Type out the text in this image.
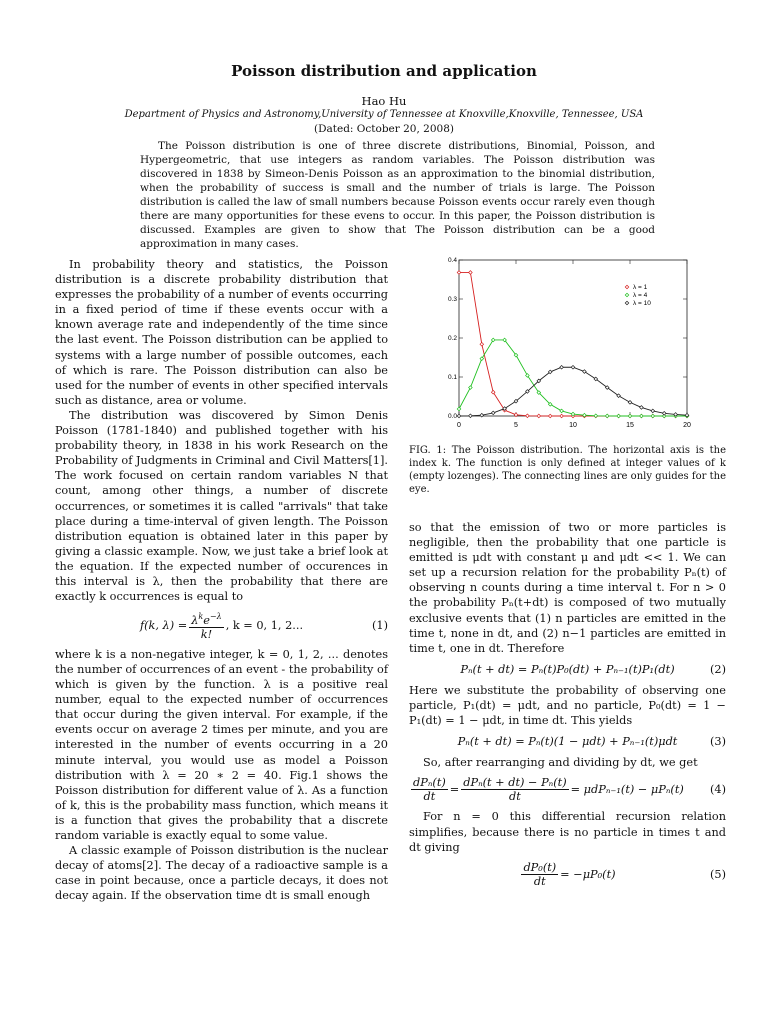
Poisson distribution and application
Hao Hu
Department of Physics and Astronomy,University of Tennessee at Knoxville,Knoxville, Tennessee, USA
(Dated: October 20, 2008)
The Poisson distribution is one of three discrete distributions, Binomial, Poisson, and Hypergeometric, that use integers as random variables. The Poisson distribution was discovered in 1838 by Simeon-Denis Poisson as an approximation to the binomial distribution, when the probability of success is small and the number of trials is large. The Poisson distribution is called the law of small numbers because Poisson events occur rarely even though there are many opportunities for these evens to occur. In this paper, the Poisson distribution is discussed. Examples are given to show that The Poisson distribution can be a good approximation in many cases.

In probability theory and statistics, the Poisson distribution is a discrete probability distribution that expresses the probability of a number of events occurring in a fixed period of time if these events occur with a known average rate and independently of the time since the last event. The Poisson distribution can be applied to systems with a large number of possible outcomes, each of which is rare. The Poisson distribution can also be used for the number of events in other specified intervals such as distance, area or volume.

The distribution was discovered by Simon Denis Poisson (1781-1840) and published together with his probability theory, in 1838 in his work Research on the Probability of Judgments in Criminal and Civil Matters[1]. The work focused on certain random variables N that count, among other things, a number of discrete occurrences, or sometimes it is called "arrivals" that take place during a time-interval of given length. The Poisson distribution equation is obtained later in this paper by giving a classic example. Now, we just take a brief look at the equation. If the expected number of occurences in this interval is λ, then the probability that there are exactly k occurrences is equal to

f(k, $\lambda) = \frac{\lambda^ke^{-\lambda}}{k!}$ , k = 0, 1, 2...	(1)

where k is a non-negative integer, k = 0, 1, 2, ... denotes the number of occurrences of an event - the probability of which is given by the function. λ is a positive real number, equal to the expected number of occurrences that occur during the given interval. For example, if the events occur on average 2 times per minute, and you are interested in the number of events occurring in a 20 minute interval, you would use as model a Poisson distribution with λ = 20 ∗ 2 = 40. Fig.1 shows the Poisson distribution for different value of λ. As a function of k, this is the probability mass function, which means it is a function that gives the probability that a discrete random variable is exactly equal to some value.

A classic example of Poisson distribution is the nuclear decay of atoms[2]. The decay of a radioactive sample is a case in point because, once a particle decays, it does not decay again. If the observation time dt is small enough

0	5	10	15	20
0.0
0.1
0.2
0.3
0.4
λ = 1
λ = 4
λ = 10
FIG. 1: The Poisson distribution. The horizontal axis is the index k. The function is only defined at integer values of k (empty lozenges). The connecting lines are only guides for the eye.

so that the emission of two or more particles is negligible, then the probability that one particle is emitted is μdt with constant μ and μdt << 1. We can set up a recursion relation for the probability Pₙ(t) of observing n counts during a time interval t. For n > 0 the probability Pₙ(t+dt) is composed of two mutually exclusive events that (1) n particles are emitted in the time t, none in dt, and (2) n−1 particles are emitted in time t, one in dt. Therefore

Pₙ(t + dt) = Pₙ(t)P₀(dt) + Pₙ₋₁(t)P₁(dt)	(2)

Here we substitute the probability of observing one particle, P₁(dt) = μdt, and no particle, P₀(dt) = 1 − P₁(dt) = 1 − μdt, in time dt. This yields

Pₙ(t + dt) = Pₙ(t)(1 − μdt) + Pₙ₋₁(t)μdt	(3)

So, after rearranging and dividing by dt, we get

$\frac{\text{dPₙ(t)}}{dt} = \frac{\text{dPₙ(t + dt) − Pₙ(t)}}{dt} = \mu dP_{n-1}(t) - \mu P_n(t)$ (4)

For n = 0 this differential recursion relation simplifies, because there is no particle in times t and dt giving

$\frac{\text{dP₀(t)}}{dt} = -\mu P_0(t)$	(5)
